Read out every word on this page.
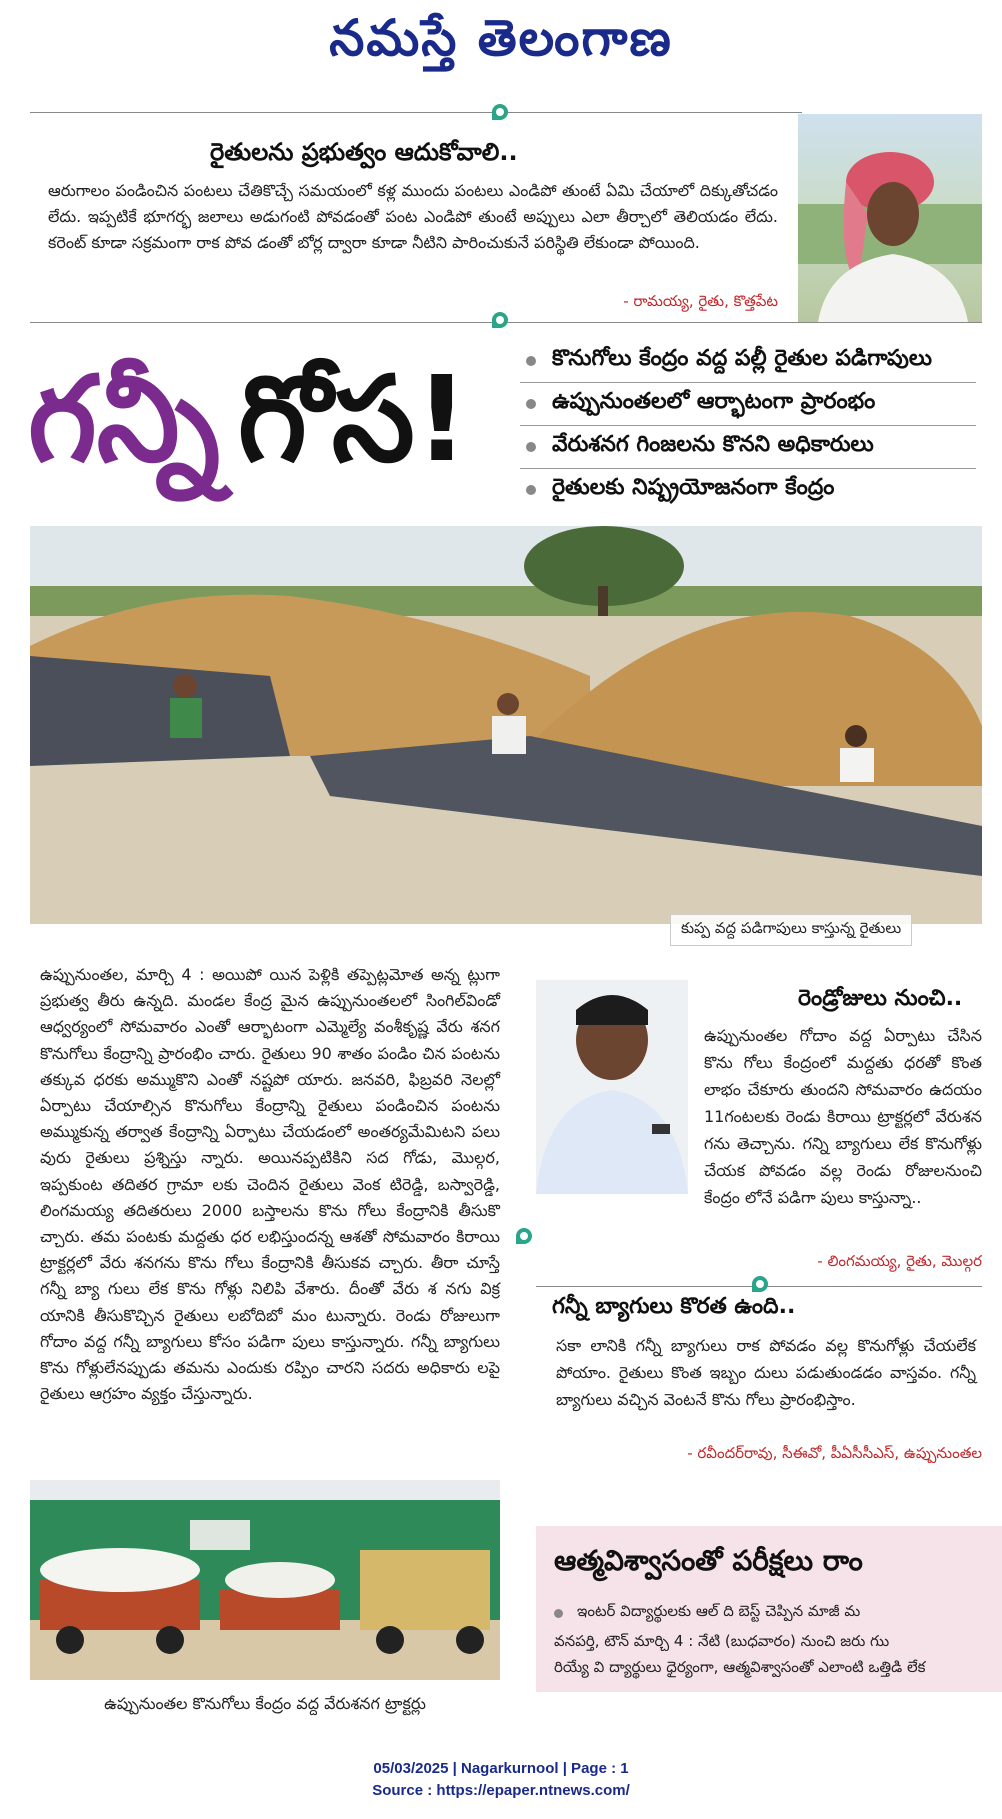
నమస్తే తెలంగాణ
రైతులను ప్రభుత్వం ఆదుకోవాలి..
ఆరుగాలం పండించిన పంటలు చేతికొచ్చే సమయంలో కళ్ల ముందు పంటలు ఎండిపో తుంటే ఏమి చేయాలో దిక్కుతోచడం లేదు. ఇప్పటికే భూగర్భ జలాలు అడుగంటి పోవడంతో పంట ఎండిపో తుంటే అప్పులు ఎలా తీర్చాలో తెలియడం లేదు. కరెంట్ కూడా సక్రమంగా రాక పోవ డంతో బోర్ల ద్వారా కూడా నీటిని పారించుకునే పరిస్థితి లేకుండా పోయింది.
- రామయ్య, రైతు, కొత్తపేట
గన్నీ గోస!	కొనుగోలు కేంద్రం వద్ద పల్లీ రైతుల పడిగాపులు
ఉప్పునుంతలలో ఆర్భాటంగా ప్రారంభం
వేరుశనగ గింజలను కొనని అధికారులు
రైతులకు నిష్ప్రయోజనంగా కేంద్రం
కుప్ప వద్ద పడిగాపులు కాస్తున్న రైతులు
ఉప్పునుంతల, మార్చి 4 : అయిపో యిన పెళ్లికి తప్పెట్లమోత అన్న ట్లుగా ప్రభుత్వ తీరు ఉన్నది. మండల కేంద్ర మైన ఉప్పునుంతలలో సింగిల్‌విండో ఆధ్వర్యంలో సోమవారం ఎంతో ఆర్భాటంగా ఎమ్మెల్యే వంశీకృష్ణ వేరు శనగ కొనుగోలు కేంద్రాన్ని ప్రారంభిం చారు. రైతులు 90 శాతం పండిం చిన పంటను తక్కువ ధరకు అమ్ముకొని ఎంతో నష్టపో యారు. జనవరి, ఫిబ్రవరి నెలల్లో ఏర్పాటు చేయాల్సిన కొనుగోలు కేంద్రాన్ని రైతులు పండించిన పంటను అమ్ముకున్న తర్వాత కేంద్రాన్ని ఏర్పాటు చేయడంలో అంతర్యమేమిటని పలు వురు రైతులు ప్రశ్నిస్తు న్నారు. అయినప్పటికిని సద గోడు, మొల్గర, ఇప్పకుంట తదితర గ్రామా లకు చెందిన రైతులు వెంక టిరెడ్డి, బస్వారెడ్డి, లింగమయ్య తదితరులు 2000 బస్తాలను కొను గోలు కేంద్రానికి తీసుకొ చ్చారు. తమ పంటకు మద్దతు ధర లభిస్తుందన్న ఆశతో సోమవారం కిరాయి ట్రాక్టర్లలో వేరు శనగను కొను గోలు కేంద్రానికి తీసుకవ చ్చారు. తీరా చూస్తే గన్నీ బ్యా గులు లేక కొను గోళ్లు నిలిపి వేశారు. దీంతో వేరు శ నగు విక్ర యానికి తీసుకొచ్చిన రైతులు లబోదిబో మం టున్నారు. రెండు రోజులుగా గోదాం వద్ద గన్నీ బ్యాగులు కోసం పడిగా పులు కాస్తున్నారు. గన్నీ బ్యాగులు కొను గోళ్లులేనప్పుడు తమను ఎందుకు రప్పిం చారని సదరు అధికారు లపై రైతులు ఆగ్రహం వ్యక్తం చేస్తున్నారు.
ఉప్పునుంతల కొనుగోలు కేంద్రం వద్ద వేరుశనగ ట్రాక్టర్లు
రెండ్రోజులు నుంచి..
ఉప్పునుంతల గోదాం వద్ద ఏర్పాటు చేసిన కొను గోలు కేంద్రంలో మద్దతు ధరతో కొంత లాభం చేకూరు తుందని సోమవారం ఉదయం 11గంటలకు రెండు కిరాయి ట్రాక్టర్లలో వేరుశన గను తెచ్చాను. గన్ని బ్యాగులు లేక కొనుగోళ్లు చేయక పోవడం వల్ల రెండు రోజులనుంచి కేంద్రం లోనే పడిగా పులు కాస్తున్నా..
- లింగమయ్య, రైతు, మొల్గర
గన్నీ బ్యాగులు కొరత ఉంది..
సకా లానికి గన్నీ బ్యాగులు రాక పోవడం వల్ల కొనుగోళ్లు చేయలేక పోయాం. రైతులు కొంత ఇబ్బం దులు పడుతుండడం వాస్తవం. గన్నీ బ్యాగులు వచ్చిన వెంటనే కొను గోలు ప్రారంభిస్తాం.
- రవీందర్‌రావు, సీఈవో, పీఏసీసీఎస్, ఉప్పునుంతల
ఆత్మవిశ్వాసంతో పరీక్షలు రాం
ఇంటర్ విద్యార్థులకు ఆల్ ది బెస్ట్ చెప్పిన మాజీ మ
వనపర్తి, టౌన్ మార్చి 4 : నేటి (బుధవారం) నుంచి జరు గుు
రియ్యే వి ద్యార్థులు ధైర్యంగా, ఆత్మవిశ్వాసంతో ఎలాంటి ఒత్తిడి లేక
05/03/2025 | Nagarkurnool | Page : 1
Source : https://epaper.ntnews.com/
